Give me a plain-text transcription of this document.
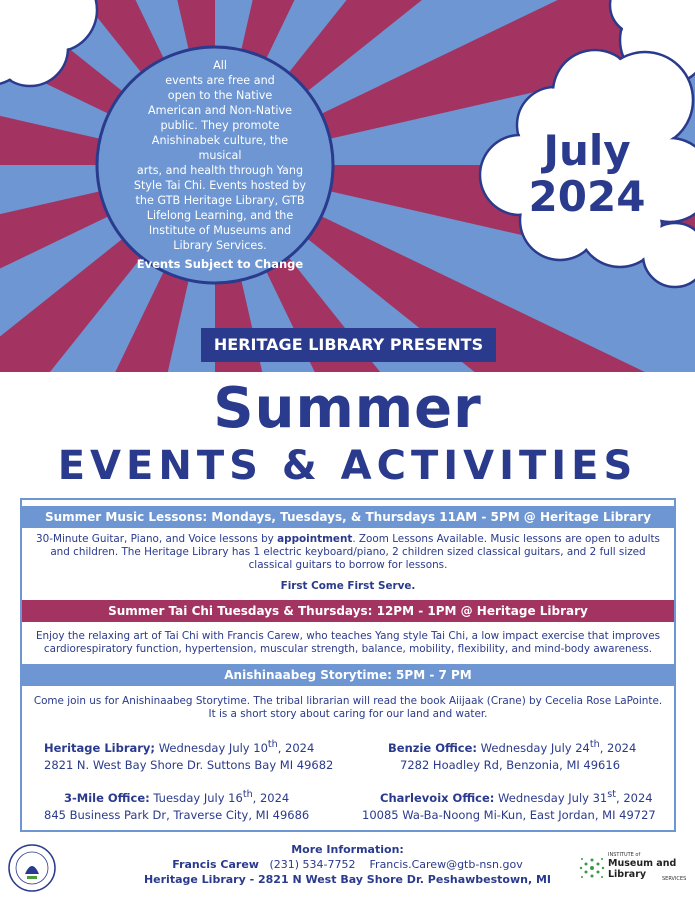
All
events are free and
open to the Native
American and Non-Native
public. They promote
Anishinabek culture, the musical
arts, and health through Yang
Style Tai Chi. Events hosted by
the GTB Heritage Library, GTB
Lifelong Learning, and the
Institute of Museums and
Library Services.
Events Subject to Change
July
2024
HERITAGE LIBRARY PRESENTS
Summer
EVENTS & ACTIVITIES
Summer Music Lessons: Mondays, Tuesdays, & Thursdays 11AM - 5PM @ Heritage Library
30-Minute Guitar, Piano, and Voice lessons by appointment. Zoom Lessons Available. Music lessons are open to adults and children. The Heritage Library has 1 electric keyboard/piano, 2 children sized classical guitars, and 2 full sized classical guitars to borrow for lessons.
First Come First Serve.
Summer Tai Chi Tuesdays & Thursdays: 12PM - 1PM @ Heritage Library
Enjoy the relaxing art of Tai Chi with Francis Carew, who teaches Yang style Tai Chi, a low impact exercise that improves cardiorespiratory function, hypertension, muscular strength, balance, mobility, flexibility, and mind-body awareness.
Anishinaabeg Storytime: 5PM - 7 PM
Come join us for Anishinaabeg Storytime. The tribal librarian will read the book Aiijaak (Crane) by Cecelia Rose LaPointe. It is a short story about caring for our land and water.
Heritage Library; Wednesday July 10th, 2024
2821 N. West Bay Shore Dr. Suttons Bay MI 49682
Benzie Office: Wednesday July 24th, 2024
7282 Hoadley Rd, Benzonia, MI 49616
3-Mile Office: Tuesday July 16th, 2024
845 Business Park Dr, Traverse City, MI 49686
Charlevoix Office: Wednesday July 31st, 2024
10085 Wa-Ba-Noong Mi-Kun, East Jordan, MI 49727
More Information:
Francis Carew (231) 534-7752 Francis.Carew@gtb-nsn.gov
Heritage Library - 2821 N West Bay Shore Dr. Peshawbestown, MI
INSTITUTE of
Museum and Library	SERVICES
